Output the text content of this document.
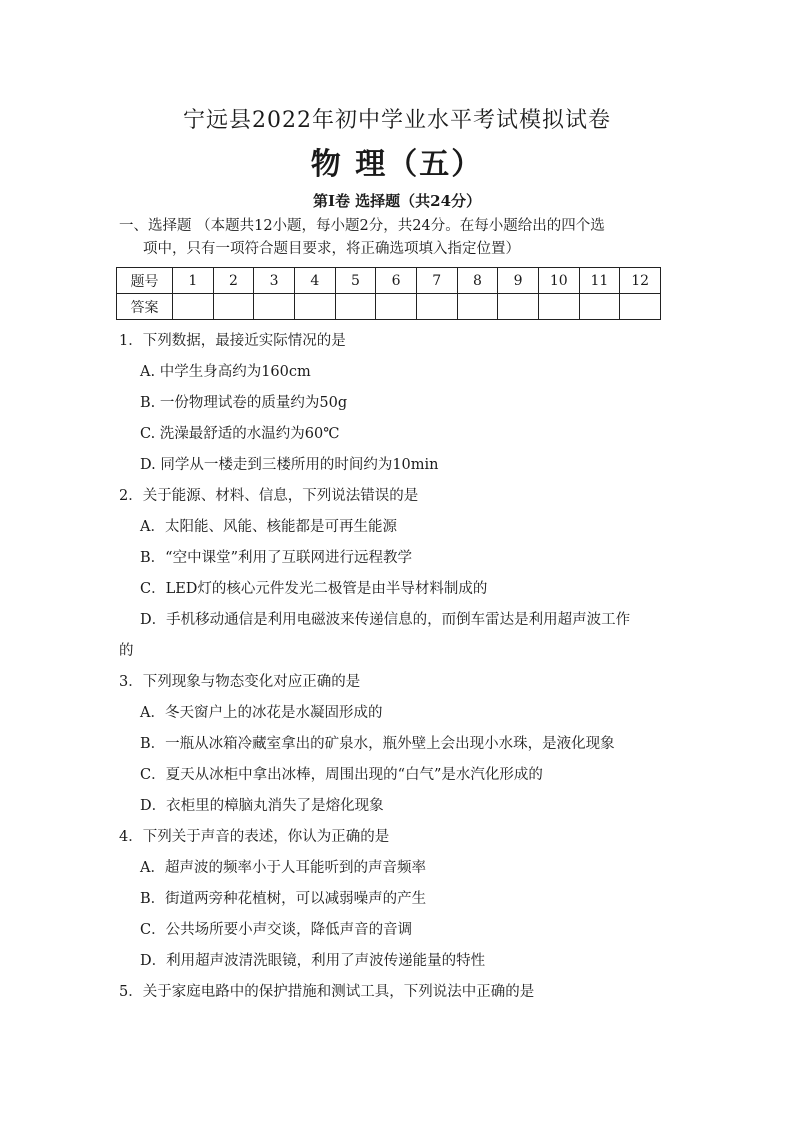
宁远县2022年初中学业水平考试模拟试卷
物 理（五）
第Ⅰ卷 选择题（共24分）
一、选择题 （本题共12小题，每小题2分，共24分。在每小题给出的四个选
项中，只有一项符合题目要求，将正确选项填入指定位置）
题号	1	2	3	4	5	6	7	8	9	10	11	12
答案												
1．下列数据，最接近实际情况的是
A. 中学生身高约为160cm
B. 一份物理试卷的质量约为50g
C. 洗澡最舒适的水温约为60℃
D. 同学从一楼走到三楼所用的时间约为10min
2．关于能源、材料、信息，下列说法错误的是
A．太阳能、风能、核能都是可再生能源
B．“空中课堂”利用了互联网进行远程教学
C．LED灯的核心元件发光二极管是由半导材料制成的
D．手机移动通信是利用电磁波来传递信息的，而倒车雷达是利用超声波工作
的
3．下列现象与物态变化对应正确的是
A．冬天窗户上的冰花是水凝固形成的
B．一瓶从冰箱冷藏室拿出的矿泉水，瓶外壁上会出现小水珠，是液化现象
C．夏天从冰柜中拿出冰棒，周围出现的“白气”是水汽化形成的
D．衣柜里的樟脑丸消失了是熔化现象
4．下列关于声音的表述，你认为正确的是
A．超声波的频率小于人耳能听到的声音频率
B．街道两旁种花植树，可以减弱噪声的产生
C．公共场所要小声交谈，降低声音的音调
D．利用超声波清洗眼镜，利用了声波传递能量的特性
5．关于家庭电路中的保护措施和测试工具，下列说法中正确的是
